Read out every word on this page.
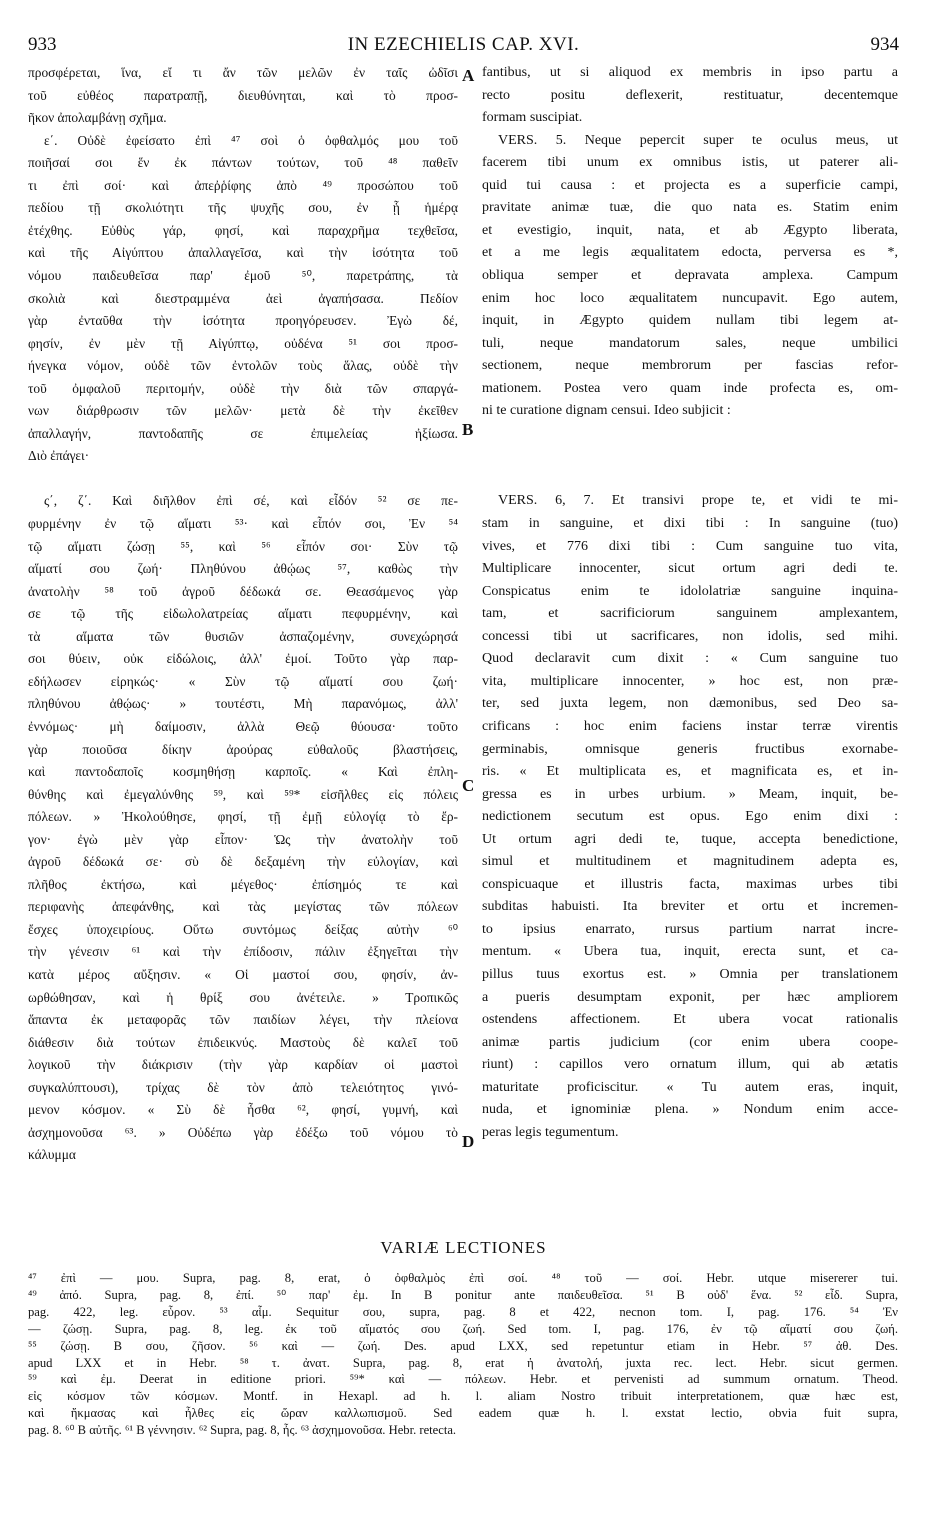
933	IN EZECHIELIS CAP. XVI.	934
προσφέρεται, ἵνα, εἴ τι ἄν τῶν μελῶν ἐν ταῖς ὠδῖσι
τοῦ εὐθέος παρατραπῇ, διευθύνηται, καὶ τὸ προσ-
ῆκον ἀπολαμβάνῃ σχῆμα.
ε΄. Οὐδὲ ἐφείσατο ἐπὶ ⁴⁷ σοὶ ὁ ὀφθαλμός μου τοῦ
ποιῆσαί σοι ἕν ἐκ πάντων τούτων, τοῦ ⁴⁸ παθεῖν
τι ἐπὶ σοί· καὶ ἀπεῤῥίφης ἀπὸ ⁴⁹ προσώπου τοῦ
πεδίου τῇ σκολιότητι τῆς ψυχῆς σου, ἐν ᾗ ἡμέρᾳ
ἐτέχθης. Εὐθὺς γάρ, φησί, καὶ παραχρῆμα τεχθεῖσα,
καὶ τῆς Αἰγύπτου ἀπαλλαγεῖσα, καὶ τὴν ἰσότητα τοῦ
νόμου παιδευθεῖσα παρ' ἐμοῦ ⁵⁰, παρετράπης, τὰ
σκολιὰ καὶ διεστραμμένα ἀεὶ ἀγαπήσασα. Πεδίον
γὰρ ἐνταῦθα τὴν ἰσότητα προηγόρευσεν. Ἐγὼ δέ,
φησίν, ἐν μὲν τῇ Αἰγύπτῳ, οὐδένα ⁵¹ σοι προσ-
ήνεγκα νόμον, οὐδὲ τῶν ἐντολῶν τοὺς ἅλας, οὐδὲ τὴν
τοῦ ὀμφαλοῦ περιτομήν, οὐδὲ τὴν διὰ τῶν σπαργά-
νων διάρθρωσιν τῶν μελῶν· μετὰ δὲ τὴν ἐκεῖθεν
ἀπαλλαγήν, παντοδαπῆς σε ἐπιμελείας ἠξίωσα.
Διὸ ἐπάγει·
ς΄, ζ΄. Καὶ διῆλθον ἐπὶ σέ, καὶ εἶδόν ⁵² σε πε-
φυρμένην ἐν τῷ αἵματι ⁵³· καὶ εἶπόν σοι, Ἐν ⁵⁴
τῷ αἵματι ζώσῃ ⁵⁵, καὶ ⁵⁶ εἶπόν σοι· Σὺν τῷ
αἵματί σου ζωή· Πληθύνου ἀθῴως ⁵⁷, καθὼς τὴν
ἀνατολὴν ⁵⁸ τοῦ ἀγροῦ δέδωκά σε. Θεασάμενος γὰρ
σε τῷ τῆς εἰδωλολατρείας αἵματι πεφυρμένην, καὶ
τὰ αἵματα τῶν θυσιῶν ἀσπαζομένην, συνεχώρησά
σοι θύειν, οὐκ εἰδώλοις, ἀλλ' ἐμοί. Τοῦτο γὰρ παρ-
εδήλωσεν εἰρηκώς· « Σὺν τῷ αἵματί σου ζωή·
πληθύνου ἀθῴως· » τουτέστι, Μὴ παρανόμως, ἀλλ'
ἐννόμως· μὴ δαίμοσιν, ἀλλὰ Θεῷ θύουσα· τοῦτο
γὰρ ποιοῦσα δίκην ἀρούρας εὐθαλοῦς βλαστήσεις,
καὶ παντοδαποῖς κοσμηθήσῃ καρποῖς. « Καὶ ἐπλη-
θύνθης καὶ ἐμεγαλύνθης ⁵⁹, καὶ ⁵⁹* εἰσῆλθες εἰς πόλεις
πόλεων. » Ἠκολούθησε, φησί, τῇ ἐμῇ εὐλογίᾳ τὸ ἔρ-
γον· ἐγὼ μὲν γὰρ εἶπον· Ὡς τὴν ἀνατολὴν τοῦ
ἀγροῦ δέδωκά σε· σὺ δὲ δεξαμένη τὴν εὐλογίαν, καὶ
πλῆθος ἐκτήσω, καὶ μέγεθος· ἐπίσημός τε καὶ
περιφανὴς ἀπεφάνθης, καὶ τὰς μεγίστας τῶν πόλεων
ἔσχες ὑποχειρίους. Οὕτω συντόμως δείξας αὐτὴν ⁶⁰
τὴν γένεσιν ⁶¹ καὶ τὴν ἐπίδοσιν, πάλιν ἐξηγεῖται τὴν
κατὰ μέρος αὔξησιν. « Οἱ μαστοί σου, φησίν, ἀν-
ωρθώθησαν, καὶ ἡ θρίξ σου ἀνέτειλε. » Τροπικῶς
ἅπαντα ἐκ μεταφορᾶς τῶν παιδίων λέγει, τὴν πλείονα
διάθεσιν διὰ τούτων ἐπιδεικνύς. Μαστοὺς δὲ καλεῖ τοῦ
λογικοῦ τὴν διάκρισιν (τὴν γὰρ καρδίαν οἱ μαστοὶ
συγκαλύπτουσι), τρίχας δὲ τὸν ἀπὸ τελειότητος γινό-
μενον κόσμον. « Σὺ δὲ ἦσθα ⁶², φησί, γυμνή, καὶ
ἀσχημονοῦσα ⁶³. » Οὐδέπω γὰρ ἐδέξω τοῦ νόμου τὸ
κάλυμμα
fantibus, ut si aliquod ex membris in ipso partu a
recto positu deflexerit, restituatur, decentemque
formam suscipiat.
VERS. 5. Neque pepercit super te oculus meus, ut
facerem tibi unum ex omnibus istis, ut paterer ali-
quid tui causa : et projecta es a superficie campi,
pravitate animæ tuæ, die quo nata es. Statim enim
et evestigio, inquit, nata, et ab Ægypto liberata,
et a me legis æqualitatem edocta, perversa es *,
obliqua semper et depravata amplexa. Campum
enim hoc loco æqualitatem nuncupavit. Ego autem,
inquit, in Ægypto quidem nullam tibi legem at-
tuli, neque mandatorum sales, neque umbilici
sectionem, neque membrorum per fascias refor-
mationem. Postea vero quam inde profecta es, om-
ni te curatione dignam censui. Ideo subjicit :
VERS. 6, 7. Et transivi prope te, et vidi te mi-
stam in sanguine, et dixi tibi : In sanguine (tuo)
vives, et 776 dixi tibi : Cum sanguine tuo vita,
Multiplicare innocenter, sicut ortum agri dedi te.
Conspicatus enim te idololatriæ sanguine inquina-
tam, et sacrificiorum sanguinem amplexantem,
concessi tibi ut sacrificares, non idolis, sed mihi.
Quod declaravit cum dixit : « Cum sanguine tuo
vita, multiplicare innocenter, » hoc est, non præ-
ter, sed juxta legem, non dæmonibus, sed Deo sa-
crificans : hoc enim faciens instar terræ virentis
germinabis, omnisque generis fructibus exornabe-
ris. « Et multiplicata es, et magnificata es, et in-
gressa es in urbes urbium. » Meam, inquit, be-
nedictionem secutum est opus. Ego enim dixi :
Ut ortum agri dedi te, tuque, accepta benedictione,
simul et multitudinem et magnitudinem adepta es,
conspicuaque et illustris facta, maximas urbes tibi
subditas habuisti. Ita breviter et ortu et incremen-
to ipsius enarrato, rursus partium narrat incre-
mentum. « Ubera tua, inquit, erecta sunt, et ca-
pillus tuus exortus est. » Omnia per translationem
a pueris desumptam exponit, per hæc ampliorem
ostendens affectionem. Et ubera vocat rationalis
animæ partis judicium (cor enim ubera coope-
riunt) : capillos vero ornatum illum, qui ab ætatis
maturitate proficiscitur. « Tu autem eras, inquit,
nuda, et ignominiæ plena. » Nondum enim acce-
peras legis tegumentum.
A
B
C
D
VARIÆ LECTIONES
⁴⁷ ἐπὶ — μου. Supra, pag. 8, erat, ὁ ὀφθαλμὸς ἐπὶ σοί. ⁴⁸ τοῦ — σοί. Hebr. utque misererer tui.
⁴⁹ ἀπό. Supra, pag. 8, ἐπί. ⁵⁰ παρ' ἐμ. In B ponitur ante παιδευθεῖσα. ⁵¹ B οὐδ' ἕνα. ⁵² εἶδ. Supra,
pag. 422, leg. εὗρον. ⁵³ αἷμ. Sequitur σου, supra, pag. 8 et 422, necnon tom. I, pag. 176. ⁵⁴ Ἐν
— ζώσῃ. Supra, pag. 8, leg. ἐκ τοῦ αἵματός σου ζωή. Sed tom. I, pag. 176, ἐν τῷ αἵματί σου ζωή.
⁵⁵ ζώσῃ. B σου, ζῆσον. ⁵⁶ καὶ — ζωή. Des. apud LXX, sed repetuntur etiam in Hebr. ⁵⁷ ἀθ. Des.
apud LXX et in Hebr. ⁵⁸ τ. ἀνατ. Supra, pag. 8, erat ἡ ἀνατολή, juxta rec. lect. Hebr. sicut germen.
⁵⁹ καὶ ἐμ. Deerat in editione priori. ⁵⁹* καὶ — πόλεων. Hebr. et pervenisti ad summum ornatum. Theod.
εἰς κόσμον τῶν κόσμων. Montf. in Hexapl. ad h. l. aliam Nostro tribuit interpretationem, quæ hæc est,
καὶ ἤκμασας καὶ ἦλθες εἰς ὥραν καλλωπισμοῦ. Sed eadem quæ h. l. exstat lectio, obvia fuit supra,
pag. 8. ⁶⁰ B αὐτῆς. ⁶¹ B γέννησιν. ⁶² Supra, pag. 8, ἦς. ⁶³ ἀσχημονοῦσα. Hebr. retecta.
